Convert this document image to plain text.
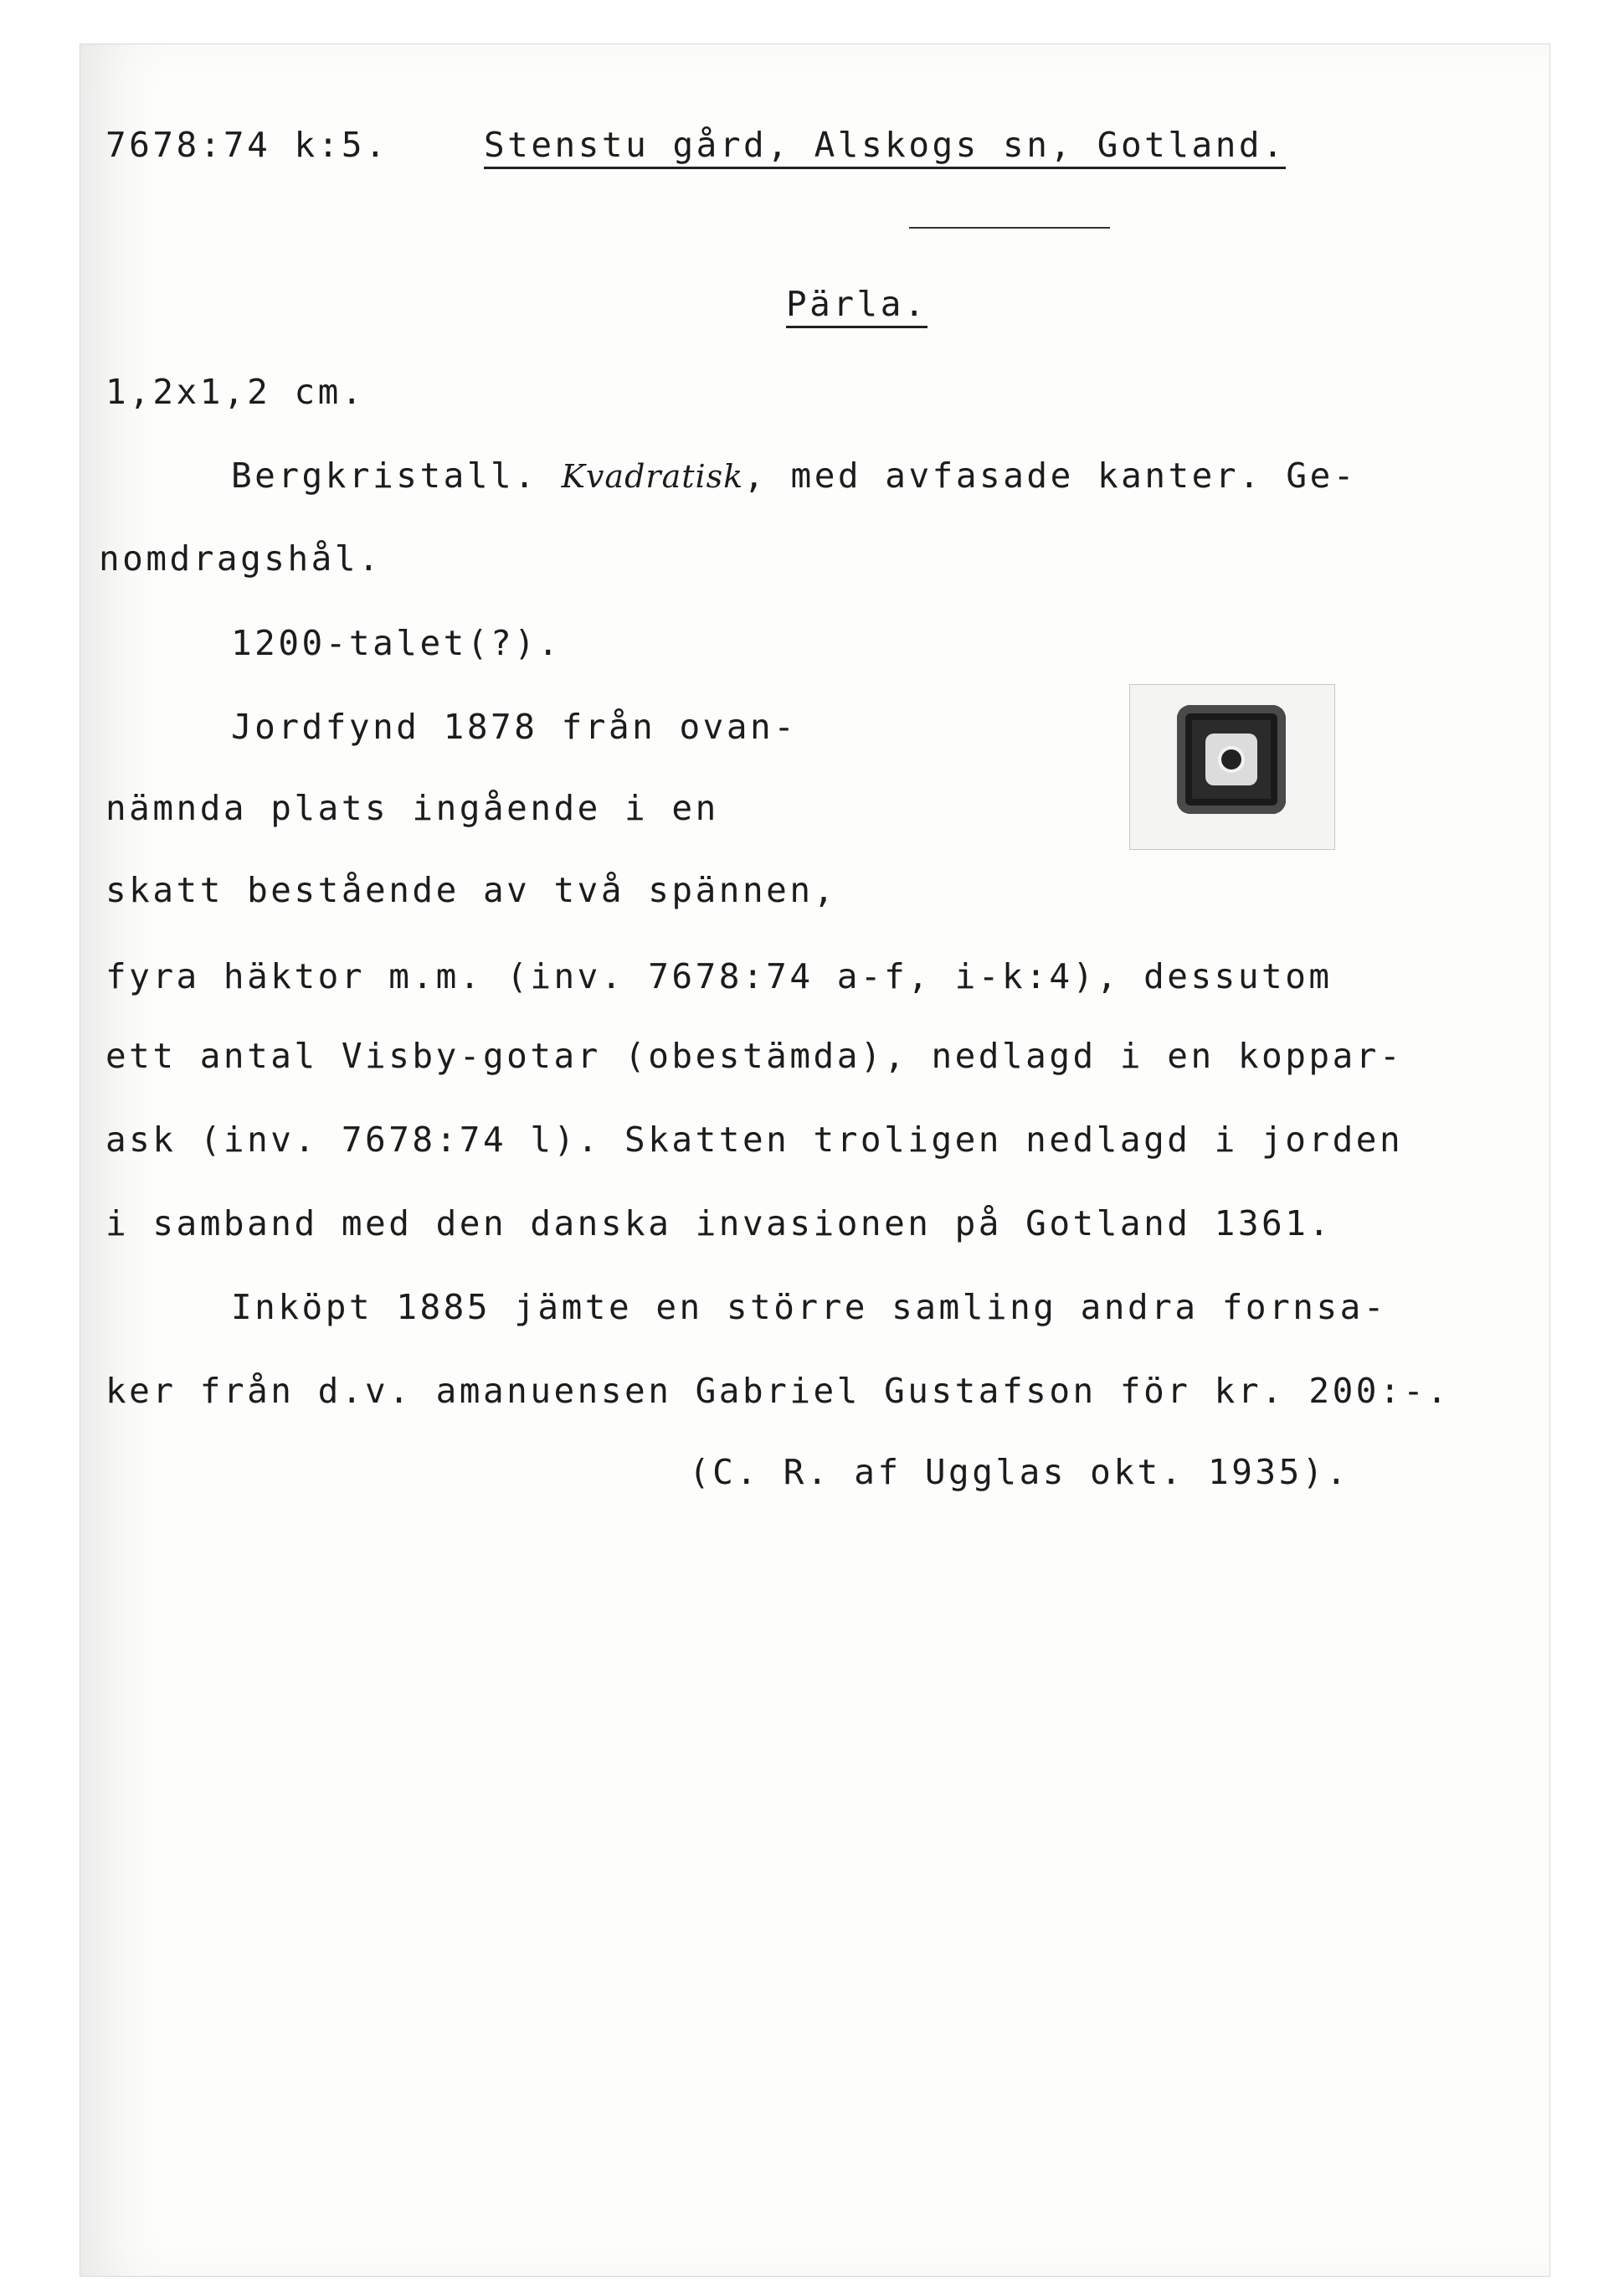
7678:74 k:5.	Stenstu gård, Alskogs sn, Gotland.
Pärla.
1,2x1,2 cm.
Bergkristall. Kvadratisk, med avfasade kanter. Ge-
nomdragshål.
1200-talet(?).
Jordfynd 1878 från ovan-
nämnda plats ingående i en
skatt bestående av två spännen,
fyra häktor m.m. (inv. 7678:74 a-f, i-k:4), dessutom
ett antal Visby-gotar (obestämda), nedlagd i en koppar-
ask (inv. 7678:74 l). Skatten troligen nedlagd i jorden
i samband med den danska invasionen på Gotland 1361.
Inköpt 1885 jämte en större samling andra fornsa-
ker från d.v. amanuensen Gabriel Gustafson för kr. 200:-.
(C. R. af Ugglas okt. 1935).
